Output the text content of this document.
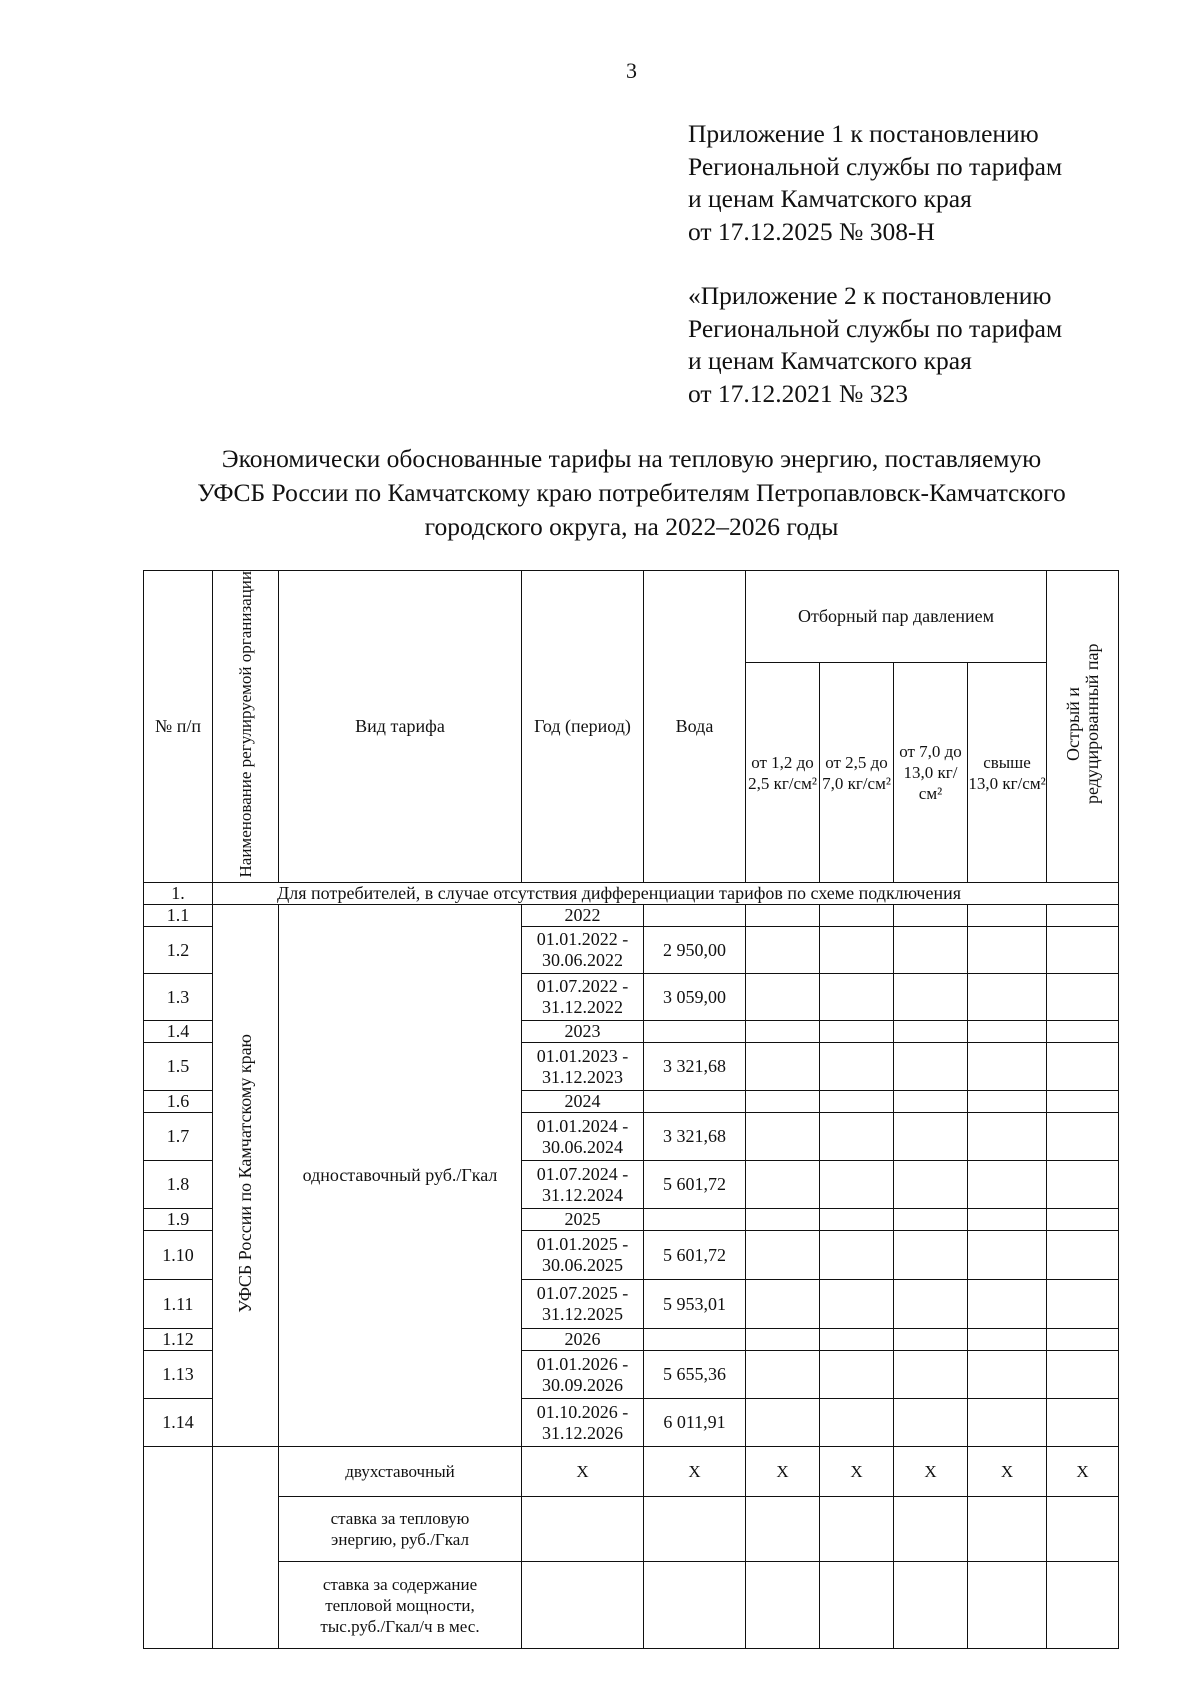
3
Приложение 1 к постановлению
Региональной службы по тарифам
и ценам Камчатского края
от 17.12.2025 № 308-Н
«Приложение 2 к постановлению
Региональной службы по тарифам
и ценам Камчатского края
от 17.12.2021 № 323
Экономически обоснованные тарифы на тепловую энергию, поставляемую
УФСБ России по Камчатскому краю потребителям Петропавловск-Камчатского
городского округа, на 2022–2026 годы
№ п/п	Наименование регулируемой организации	Вид тарифа	Год (период)	Вода	Отборный пар давлением				Острый и редуцированный пар
					от 1,2 до 2,5 кг/см²	от 2,5 до 7,0 кг/см²	от 7,0 до 13,0 кг/см²	свыше 13,0 кг/см²	
1.	Для потребителей, в случае отсутствия дифференциации тарифов по схеме подключения								
1.1	УФСБ России по Камчатскому краю	одноставочный руб./Гкал	2022						
1.2			01.01.2022 - 30.06.2022	2 950,00					
1.3			01.07.2022 - 31.12.2022	3 059,00					
1.4			2023						
1.5			01.01.2023 - 31.12.2023	3 321,68					
1.6			2024						
1.7			01.01.2024 - 30.06.2024	3 321,68					
1.8			01.07.2024 - 31.12.2024	5 601,72					
1.9			2025						
1.10			01.01.2025 - 30.06.2025	5 601,72					
1.11			01.07.2025 - 31.12.2025	5 953,01					
1.12			2026						
1.13			01.01.2026 - 30.09.2026	5 655,36					
1.14			01.10.2026 - 31.12.2026	6 011,91					
		двухставочный	X	X	X	X	X	X	X
		ставка за тепловую энергию, руб./Гкал							
		ставка за содержание тепловой мощности, тыс.руб./Гкал/ч в мес.							
